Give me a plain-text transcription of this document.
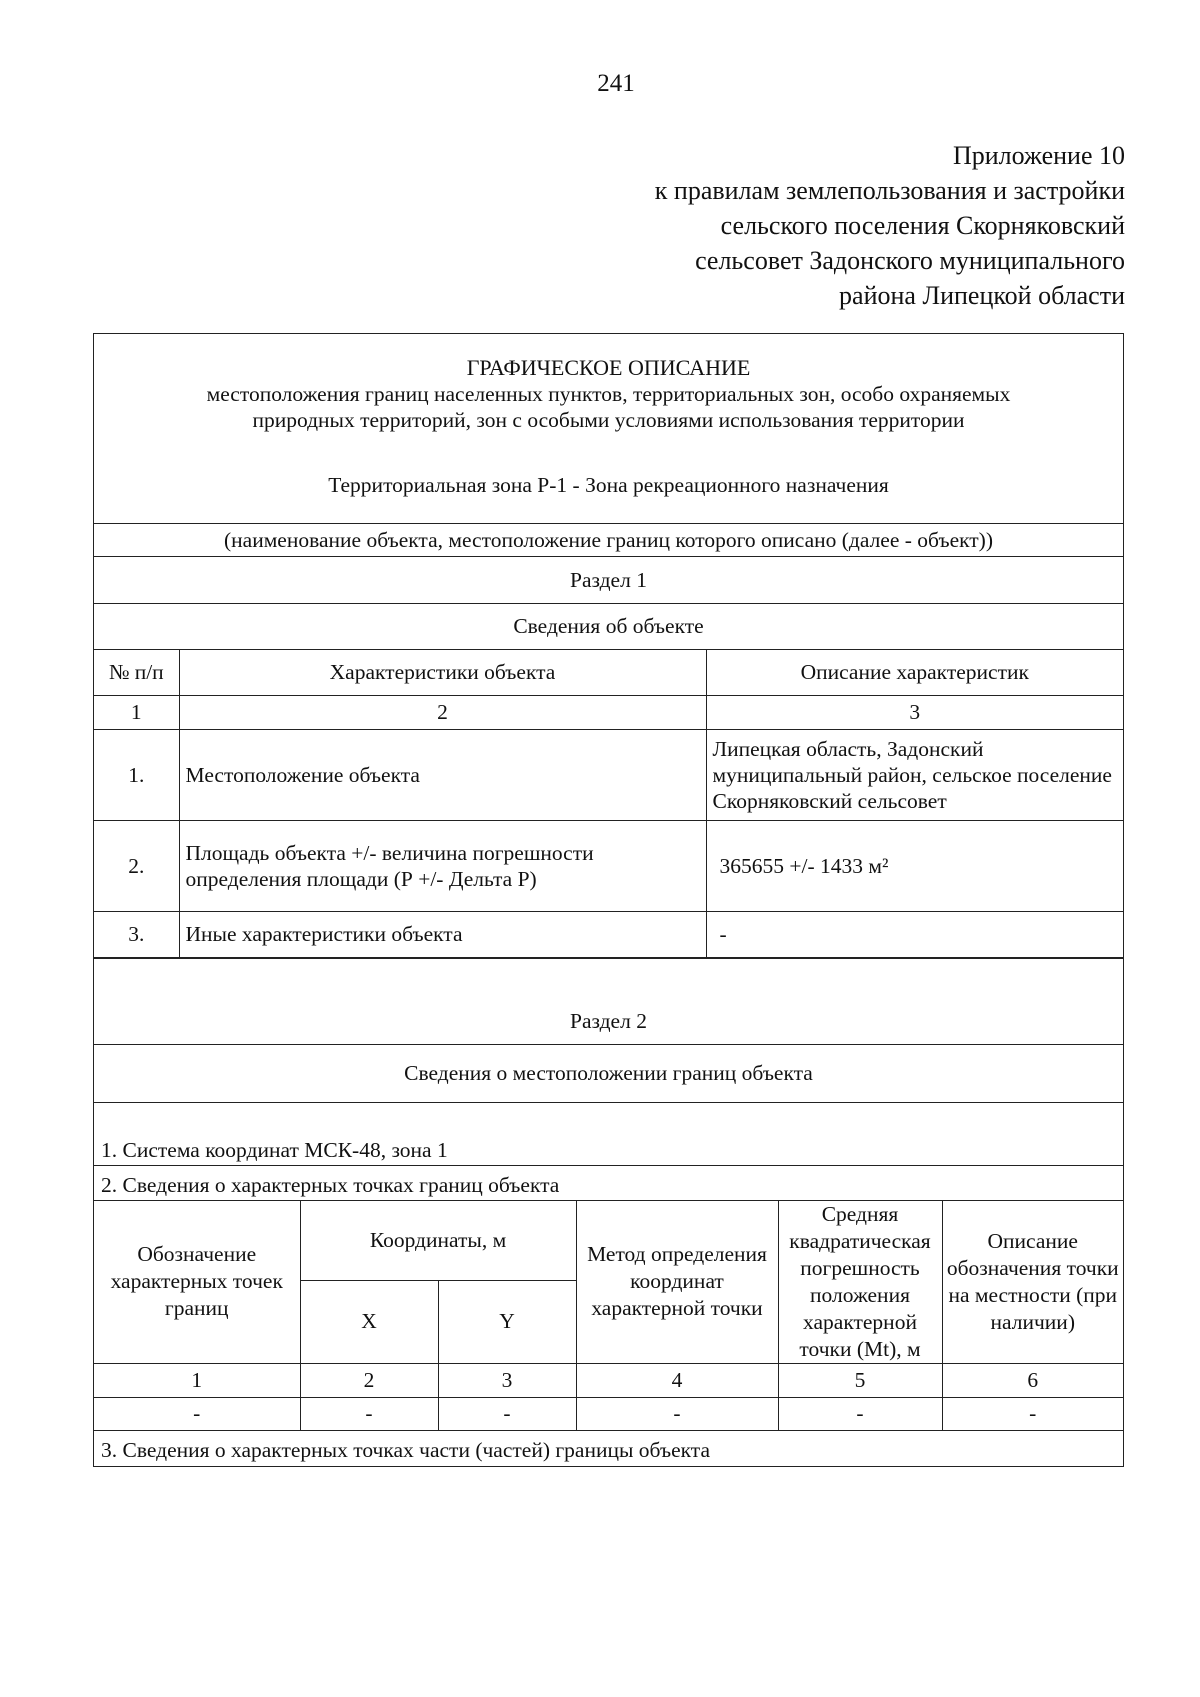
241
Приложение 10
к правилам землепользования и застройки
сельского поселения Скорняковский
сельсовет Задонского муниципального
района Липецкой области
ГРАФИЧЕСКОЕ ОПИСАНИЕ
местоположения границ населенных пунктов, территориальных зон, особо охраняемых
природных территорий, зон с особыми условиями использования территории
Территориальная зона Р-1 - Зона рекреационного назначения
(наименование объекта, местоположение границ которого описано (далее - объект))
Раздел 1
Сведения об объекте
№ п/п	Характеристики объекта	Описание характеристик
1	2	3
1.	Местоположение объекта	Липецкая область, Задонский муниципальный район, сельское поселение Скорняковский сельсовет
2.	Площадь объекта +/- величина погрешности определения площади (Р +/- Дельта Р)	365655 +/- 1433 м²
3.	Иные характеристики объекта	-
Раздел 2
Сведения о местоположении границ объекта
1. Система координат МСК-48, зона 1
2. Сведения о характерных точках границ объекта
Обозначение характерных точек границ	Координаты, м		Метод определения координат характерной точки	Средняя квадратическая погрешность положения характерной точки (Mt), м	Описание обозначения точки на местности (при наличии)
	X	Y			
1	2	3	4	5	6
-	-	-	-	-	-
3. Сведения о характерных точках части (частей) границы объекта
